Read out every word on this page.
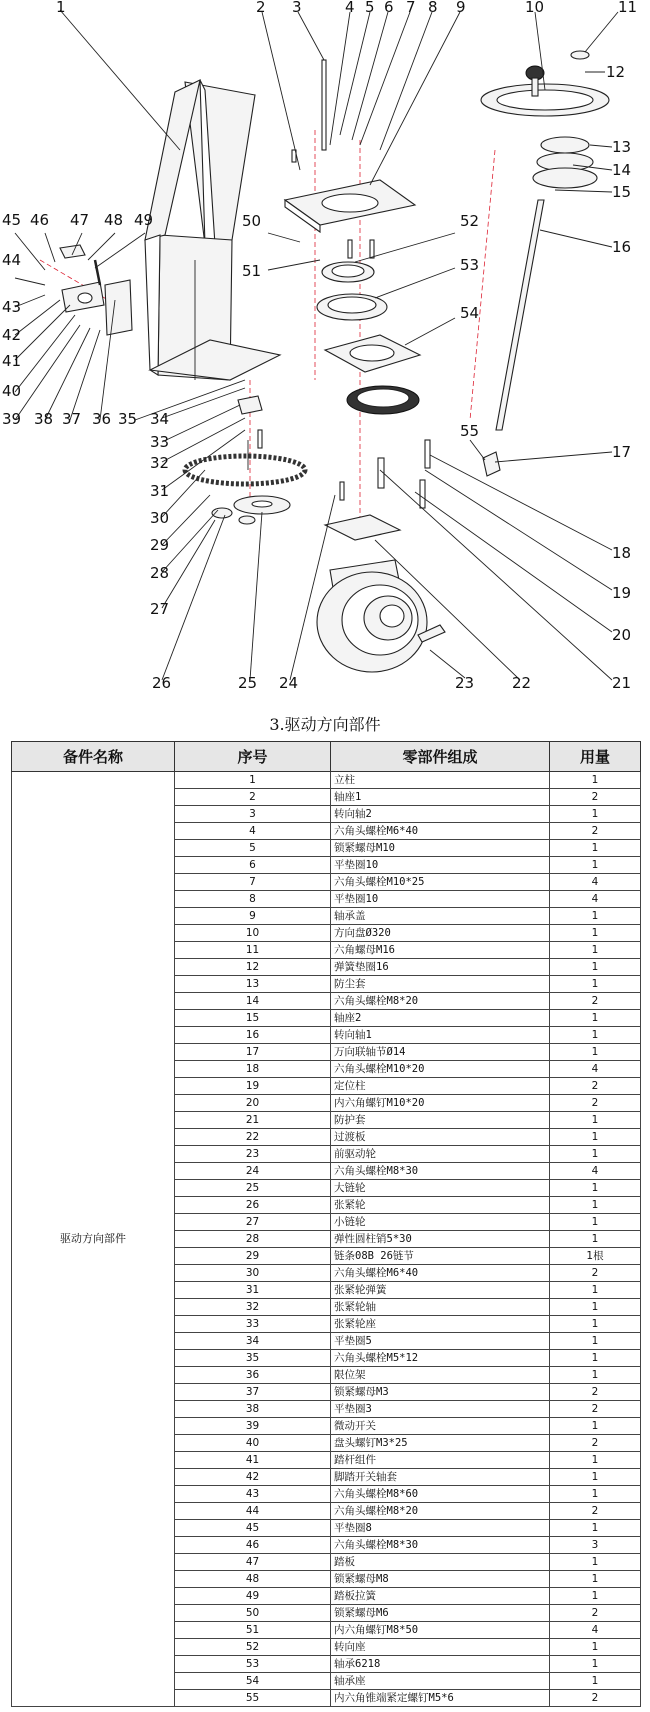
1	2 3	4 5 6 7 8 9	10	11
12
13
14
15
16
17
18
19
20
21
22
23
24
25
26
27
28
29
30
31
32
33
34
35
36
37
38
39
40
41
42
43
44
45 46 47 48 49	50
51
52
53
54
55
3.驱动方向部件
备件名称	序号	零部件组成	用量
驱动方向部件	1	立柱	1
	2	轴座1	2
	3	转向轴2	1
	4	六角头螺栓M6*40	2
	5	锁紧螺母M10	1
	6	平垫圈10	1
	7	六角头螺栓M10*25	4
	8	平垫圈10	4
	9	轴承盖	1
	10	方向盘Ø320	1
	11	六角螺母M16	1
	12	弹簧垫圈16	1
	13	防尘套	1
	14	六角头螺栓M8*20	2
	15	轴座2	1
	16	转向轴1	1
	17	万向联轴节Ø14	1
	18	六角头螺栓M10*20	4
	19	定位柱	2
	20	内六角螺钉M10*20	2
	21	防护套	1
	22	过渡板	1
	23	前驱动轮	1
	24	六角头螺栓M8*30	4
	25	大链轮	1
	26	张紧轮	1
	27	小链轮	1
	28	弹性圆柱销5*30	1
	29	链条08B 26链节	1根
	30	六角头螺栓M6*40	2
	31	张紧轮弹簧	1
	32	张紧轮轴	1
	33	张紧轮座	1
	34	平垫圈5	1
	35	六角头螺栓M5*12	1
	36	限位架	1
	37	锁紧螺母M3	2
	38	平垫圈3	2
	39	微动开关	1
	40	盘头螺钉M3*25	2
	41	踏杆组件	1
	42	脚踏开关轴套	1
	43	六角头螺栓M8*60	1
	44	六角头螺栓M8*20	2
	45	平垫圈8	1
	46	六角头螺栓M8*30	3
	47	踏板	1
	48	锁紧螺母M8	1
	49	踏板拉簧	1
	50	锁紧螺母M6	2
	51	内六角螺钉M8*50	4
	52	转向座	1
	53	轴承6218	1
	54	轴承座	1
	55	内六角锥端紧定螺钉M5*6	2
